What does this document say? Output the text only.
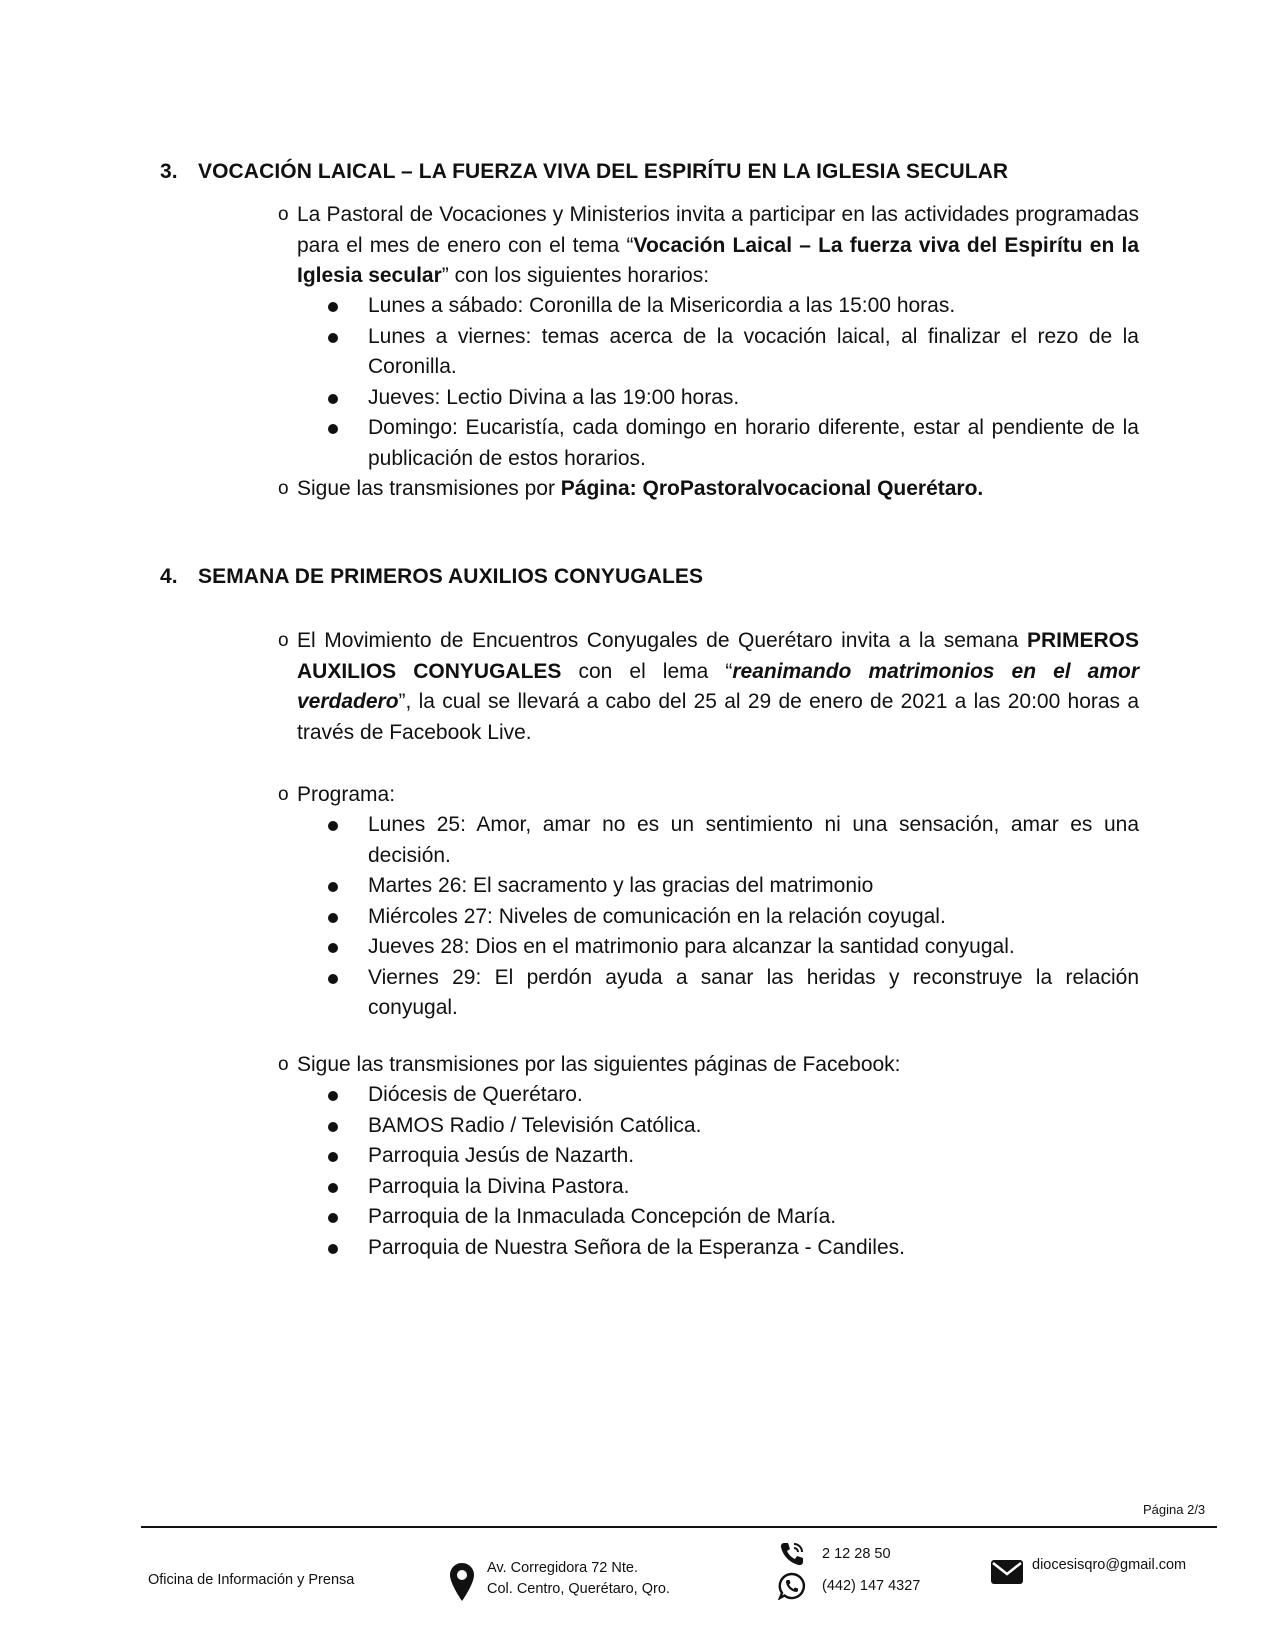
3. VOCACIÓN LAICAL – LA FUERZA VIVA DEL ESPIRÍTU EN LA IGLESIA SECULAR
o La Pastoral de Vocaciones y Ministerios invita a participar en las actividades programadas para el mes de enero con el tema “Vocación Laical – La fuerza viva del Espirítu en la Iglesia secular” con los siguientes horarios:
Lunes a sábado: Coronilla de la Misericordia a las 15:00 horas.
Lunes a viernes: temas acerca de la vocación laical, al finalizar el rezo de la Coronilla.
Jueves: Lectio Divina a las 19:00 horas.
Domingo: Eucaristía, cada domingo en horario diferente, estar al pendiente de la publicación de estos horarios.
o Sigue las transmisiones por Página: QroPastoralvocacional Querétaro.
4. SEMANA DE PRIMEROS AUXILIOS CONYUGALES
o El Movimiento de Encuentros Conyugales de Querétaro invita a la semana PRIMEROS AUXILIOS CONYUGALES con el lema “reanimando matrimonios en el amor verdadero”, la cual se llevará a cabo del 25 al 29 de enero de 2021 a las 20:00 horas a través de Facebook Live.
o Programa:
Lunes 25: Amor, amar no es un sentimiento ni una sensación, amar es una decisión.
Martes 26: El sacramento y las gracias del matrimonio
Miércoles 27: Niveles de comunicación en la relación coyugal.
Jueves 28: Dios en el matrimonio para alcanzar la santidad conyugal.
Viernes 29: El perdón ayuda a sanar las heridas y reconstruye la relación conyugal.
o Sigue las transmisiones por las siguientes páginas de Facebook:
Diócesis de Querétaro.
BAMOS Radio / Televisión Católica.
Parroquia Jesús de Nazarth.
Parroquia la Divina Pastora.
Parroquia de la Inmaculada Concepción de María.
Parroquia de Nuestra Señora de la Esperanza - Candiles.
Página 2/3
Oficina de Información y Prensa
Av. Corregidora 72 Nte.
Col. Centro, Querétaro, Qro.
2 12 28 50
(442) 147 4327
diocesisqro@gmail.com
